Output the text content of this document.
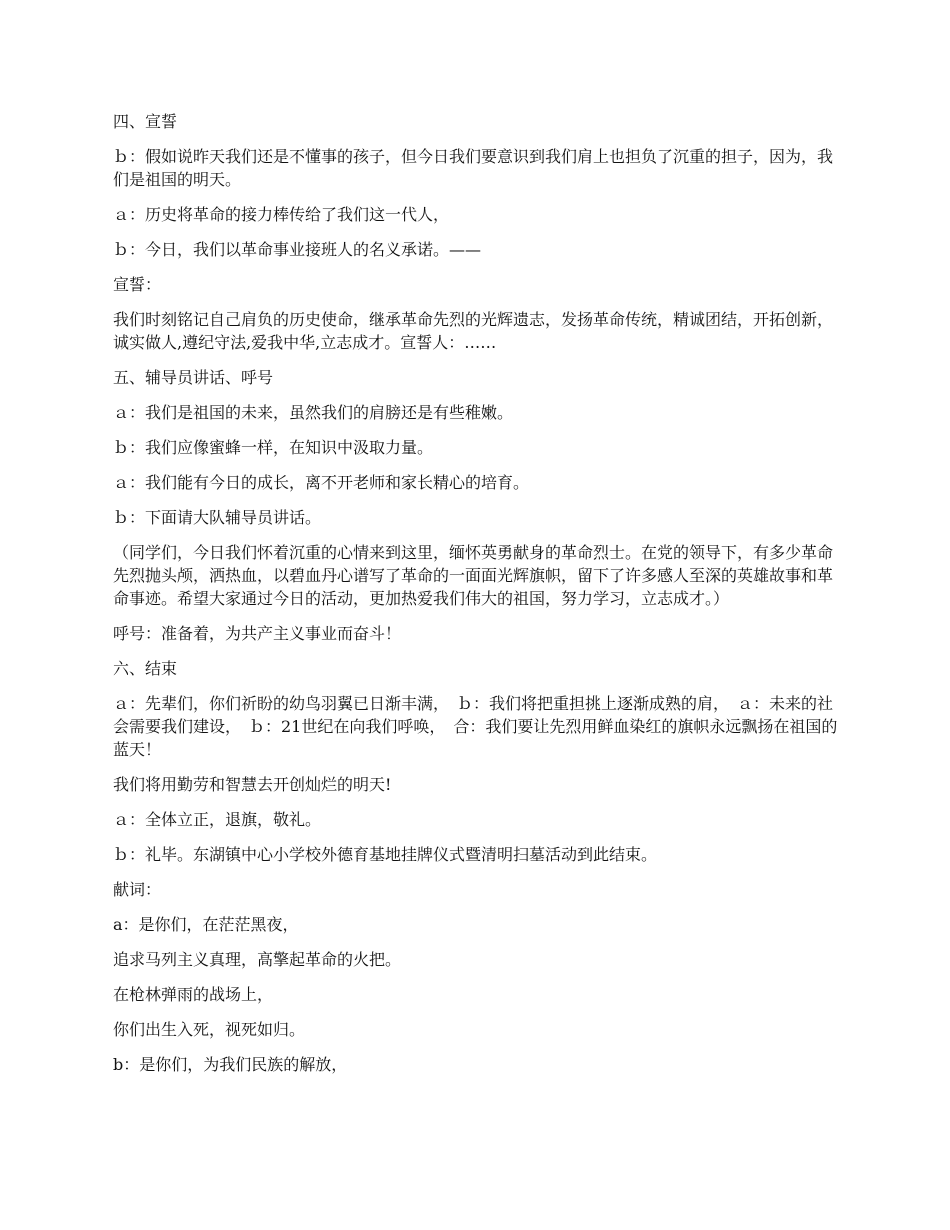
四、宣誓

ｂ：假如说昨天我们还是不懂事的孩子，但今日我们要意识到我们肩上也担负了沉重的担子，因为，我们是祖国的明天。

ａ：历史将革命的接力棒传给了我们这一代人，

ｂ：今日，我们以革命事业接班人的名义承诺。——

宣誓：

我们时刻铭记自己肩负的历史使命，继承革命先烈的光辉遗志，发扬革命传统，精诚团结，开拓创新，诚实做人,遵纪守法,爱我中华,立志成才。宣誓人：……

五、辅导员讲话、呼号

ａ：我们是祖国的未来，虽然我们的肩膀还是有些稚嫩。

ｂ：我们应像蜜蜂一样，在知识中汲取力量。

ａ：我们能有今日的成长，离不开老师和家长精心的培育。

ｂ：下面请大队辅导员讲话。

（同学们，今日我们怀着沉重的心情来到这里，缅怀英勇献身的革命烈士。在党的领导下，有多少革命先烈抛头颅，洒热血，以碧血丹心谱写了革命的一面面光辉旗帜，留下了许多感人至深的英雄故事和革命事迹。希望大家通过今日的活动，更加热爱我们伟大的祖国，努力学习，立志成才。）

呼号：准备着，为共产主义事业而奋斗！

六、结束

ａ：先辈们，你们祈盼的幼鸟羽翼已日渐丰满，　ｂ：我们将把重担挑上逐渐成熟的肩，　ａ：未来的社会需要我们建设，　ｂ：21世纪在向我们呼唤，　合：我们要让先烈用鲜血染红的旗帜永远飘扬在祖国的蓝天！

我们将用勤劳和智慧去开创灿烂的明天!

ａ：全体立正，退旗，敬礼。

ｂ：礼毕。东湖镇中心小学校外德育基地挂牌仪式暨清明扫墓活动到此结束。

献词：

a：是你们，在茫茫黑夜，

追求马列主义真理，高擎起革命的火把。

在枪林弹雨的战场上，

你们出生入死，视死如归。

b：是你们，为我们民族的解放，
